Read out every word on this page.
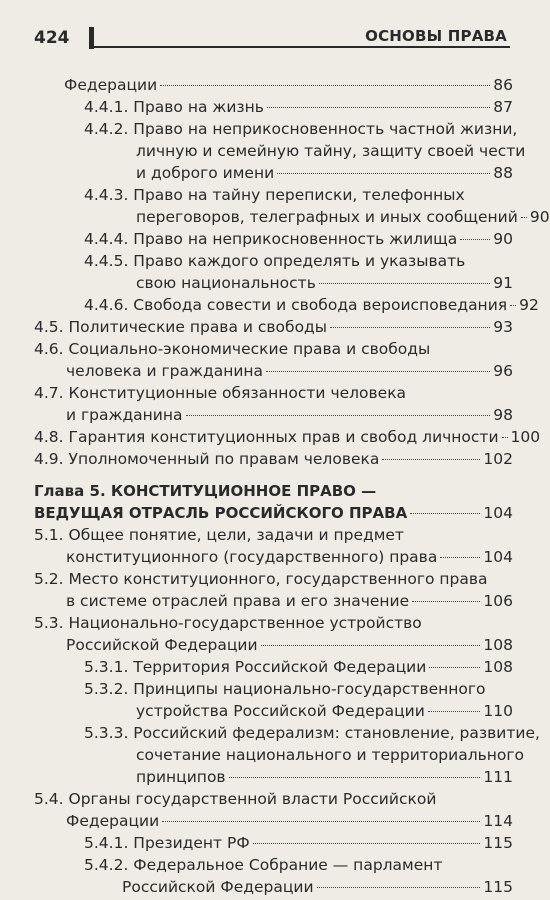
424	ОСНОВЫ ПРАВА
Федерации	86
4.4.1. Право на жизнь	87
4.4.2. Право на неприкосновенность частной жизни,
личную и семейную тайну, защиту своей чести
и доброго имени	88
4.4.3. Право на тайну переписки, телефонных
переговоров, телеграфных и иных сообщений 90
4.4.4. Право на неприкосновенность жилища 90
4.4.5. Право каждого определять и указывать
свою национальность	91
4.4.6. Свобода совести и свобода вероисповедания 92
4.5. Политические права и свободы	93
4.6. Социально-экономические права и свободы
человека и гражданина	96
4.7. Конституционные обязанности человека
и гражданина	98
4.8. Гарантия конституционных прав и свобод личности 100
4.9. Уполномоченный по правам человека	102
Глава 5. КОНСТИТУЦИОННОЕ ПРАВО —
ВЕДУЩАЯ ОТРАСЛЬ РОССИЙСКОГО ПРАВА	104
5.1. Общее понятие, цели, задачи и предмет
конституционного (государственного) права	104
5.2. Место конституционного, государственного права
в системе отраслей права и его значение	106
5.3. Национально-государственное устройство
Российской Федерации	108
5.3.1. Территория Российской Федерации	108
5.3.2. Принципы национально-государственного
устройства Российской Федерации	110
5.3.3. Российский федерализм: становление, развитие,
сочетание национального и территориального
принципов	111
5.4. Органы государственной власти Российской
Федерации	114
5.4.1. Президент РФ	115
5.4.2. Федеральное Собрание — парламент
Российской Федерации	115
